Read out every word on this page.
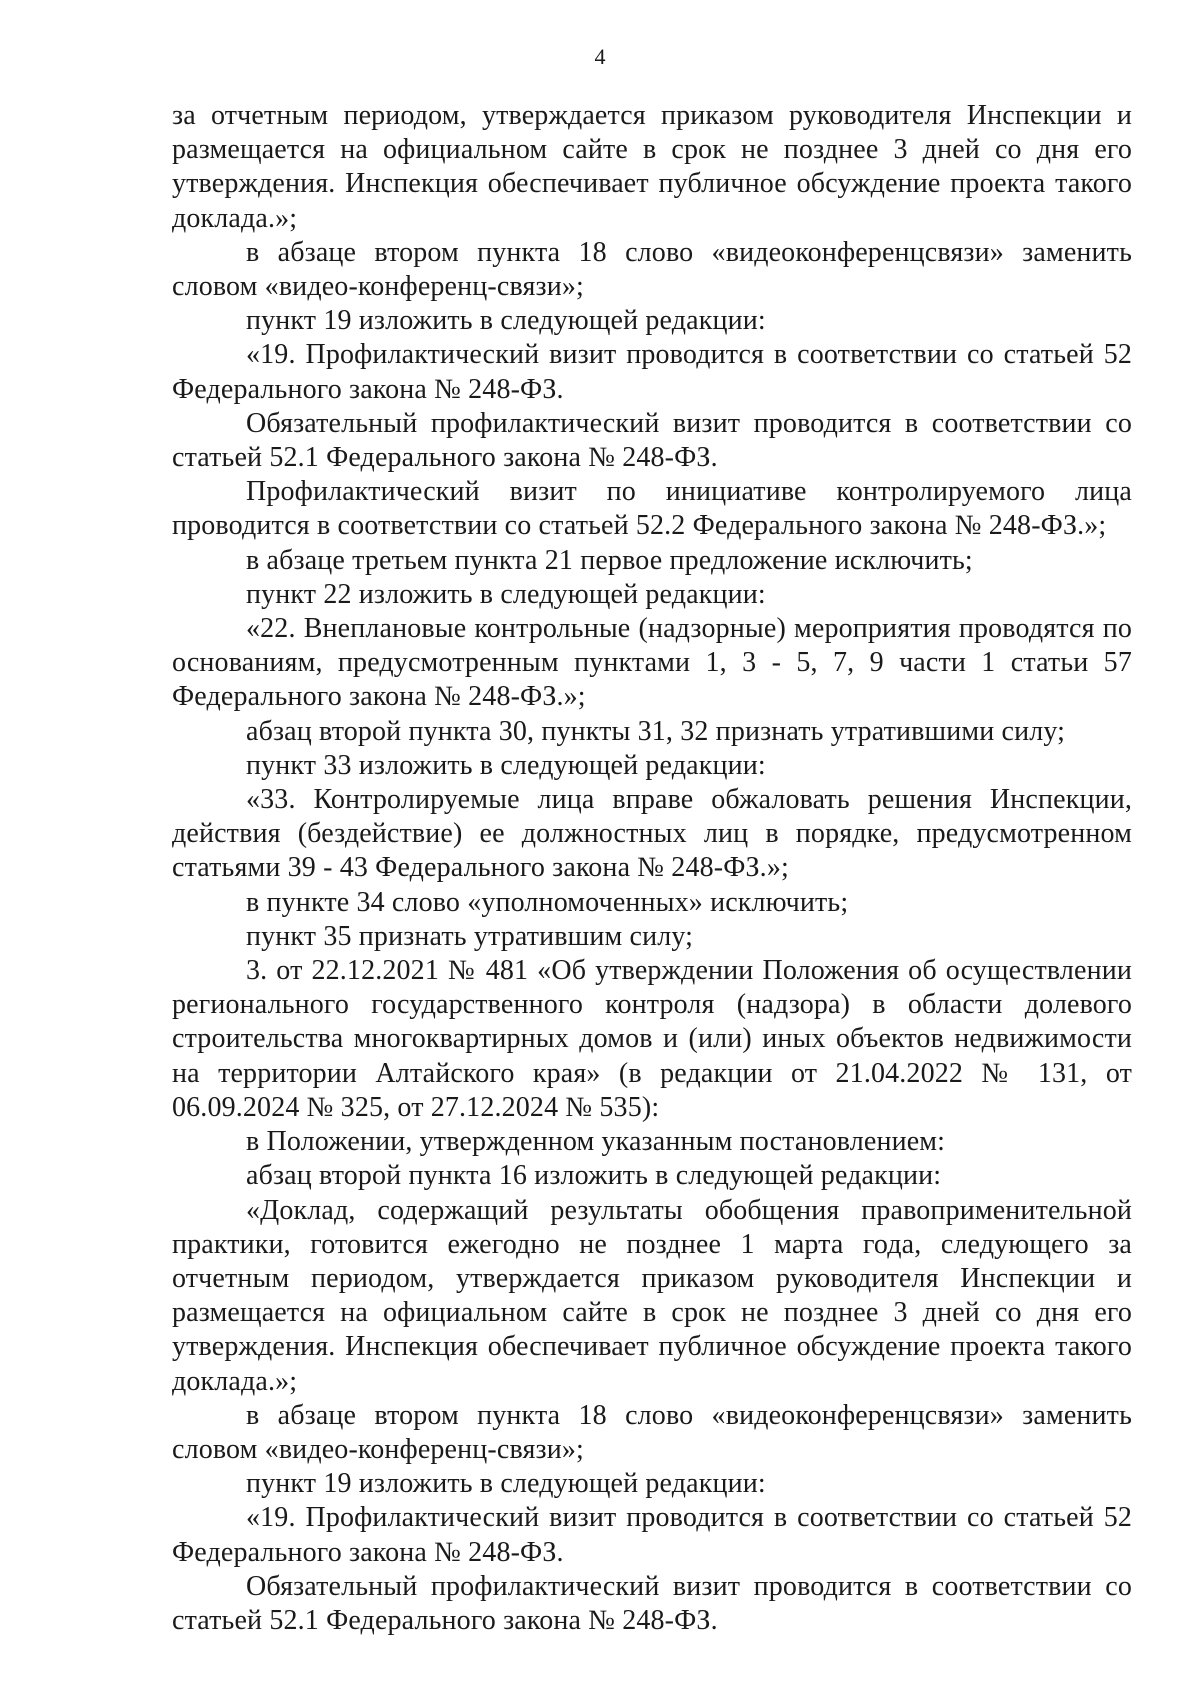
4

за отчетным периодом, утверждается приказом руководителя Инспекции и размещается на официальном сайте в срок не позднее 3 дней со дня его утверждения. Инспекция обеспечивает публичное обсуждение проекта такого доклада.»;

в абзаце втором пункта 18 слово «видеоконференцсвязи» заменить словом «видео-конференц-связи»;

пункт 19 изложить в следующей редакции:

«19. Профилактический визит проводится в соответствии со статьей 52 Федерального закона № 248-ФЗ.

Обязательный профилактический визит проводится в соответствии со статьей 52.1 Федерального закона № 248-ФЗ.

Профилактический визит по инициативе контролируемого лица проводится в соответствии со статьей 52.2 Федерального закона № 248-ФЗ.»;

в абзаце третьем пункта 21 первое предложение исключить;

пункт 22 изложить в следующей редакции:

«22. Внеплановые контрольные (надзорные) мероприятия проводятся по основаниям, предусмотренным пунктами 1, 3 - 5, 7, 9 части 1 статьи 57 Федерального закона № 248-ФЗ.»;

абзац второй пункта 30, пункты 31, 32 признать утратившими силу;

пункт 33 изложить в следующей редакции:

«33. Контролируемые лица вправе обжаловать решения Инспекции, действия (бездействие) ее должностных лиц в порядке, предусмотренном статьями 39 - 43 Федерального закона № 248-ФЗ.»;

в пункте 34 слово «уполномоченных» исключить;

пункт 35 признать утратившим силу;

3. от 22.12.2021 № 481 «Об утверждении Положения об осуществлении регионального государственного контроля (надзора) в области долевого строительства многоквартирных домов и (или) иных объектов недвижимости на территории Алтайского края» (в редакции от 21.04.2022 № 131, от 06.09.2024 № 325, от 27.12.2024 № 535):

в Положении, утвержденном указанным постановлением:

абзац второй пункта 16 изложить в следующей редакции:

«Доклад, содержащий результаты обобщения правоприменительной практики, готовится ежегодно не позднее 1 марта года, следующего за отчетным периодом, утверждается приказом руководителя Инспекции и размещается на официальном сайте в срок не позднее 3 дней со дня его утверждения. Инспекция обеспечивает публичное обсуждение проекта такого доклада.»;

в абзаце втором пункта 18 слово «видеоконференцсвязи» заменить словом «видео-конференц-связи»;

пункт 19 изложить в следующей редакции:

«19. Профилактический визит проводится в соответствии со статьей 52 Федерального закона № 248-ФЗ.

Обязательный профилактический визит проводится в соответствии со статьей 52.1 Федерального закона № 248-ФЗ.
